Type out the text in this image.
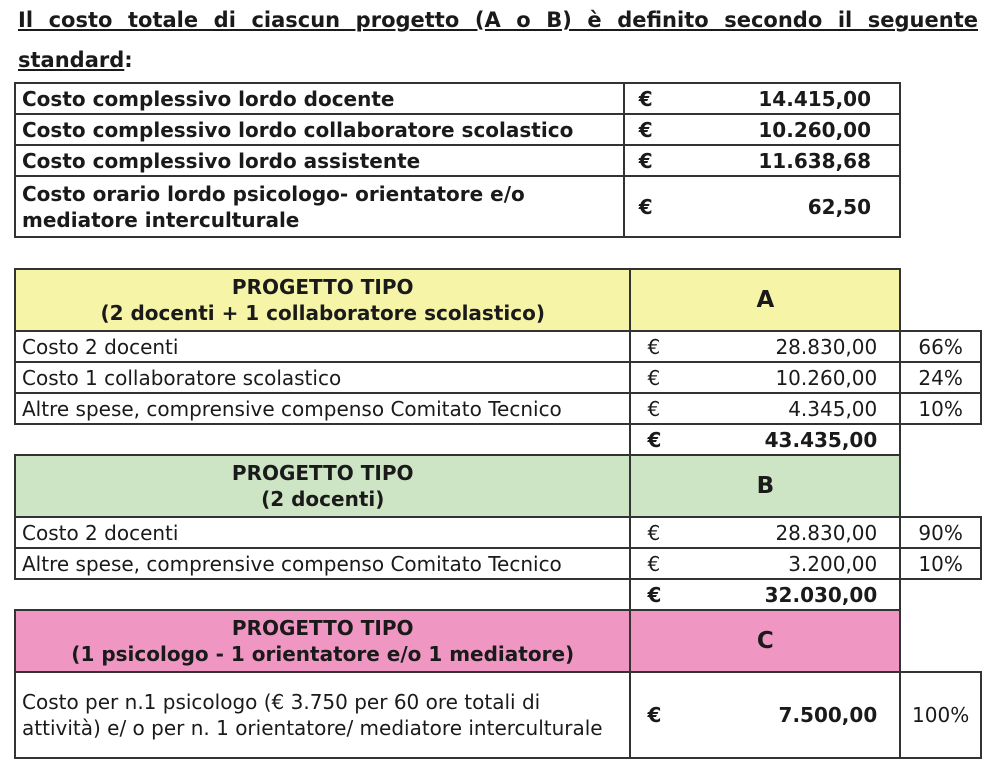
Il costo totale di ciascun progetto (A o B) è definito secondo il seguente standard:

Costo complessivo lordo docente	€	14.415,00
Costo complessivo lordo collaboratore scolastico	€	10.260,00
Costo complessivo lordo assistente	€	11.638,68
Costo orario lordo psicologo- orientatore e/o mediatore interculturale	€	62,50
PROGETTO TIPO
(2 docenti + 1 collaboratore scolastico)	A		
Costo 2 docenti	€	28.830,00	66%
Costo 1 collaboratore scolastico	€	10.260,00	24%
Altre spese, comprensive compenso Comitato Tecnico	€	4.345,00	10%
	€	43.435,00	

PROGETTO TIPO
(2 docenti)	B		
Costo 2 docenti	€	28.830,00	90%
Altre spese, comprensive compenso Comitato Tecnico	€	3.200,00	10%
	€	32.030,00	

PROGETTO TIPO
(1 psicologo - 1 orientatore e/o 1 mediatore)	C		
Costo per n.1 psicologo (€ 3.750 per 60 ore totali di attività) e/ o per n. 1 orientatore/ mediatore interculturale	€	7.500,00	100%
